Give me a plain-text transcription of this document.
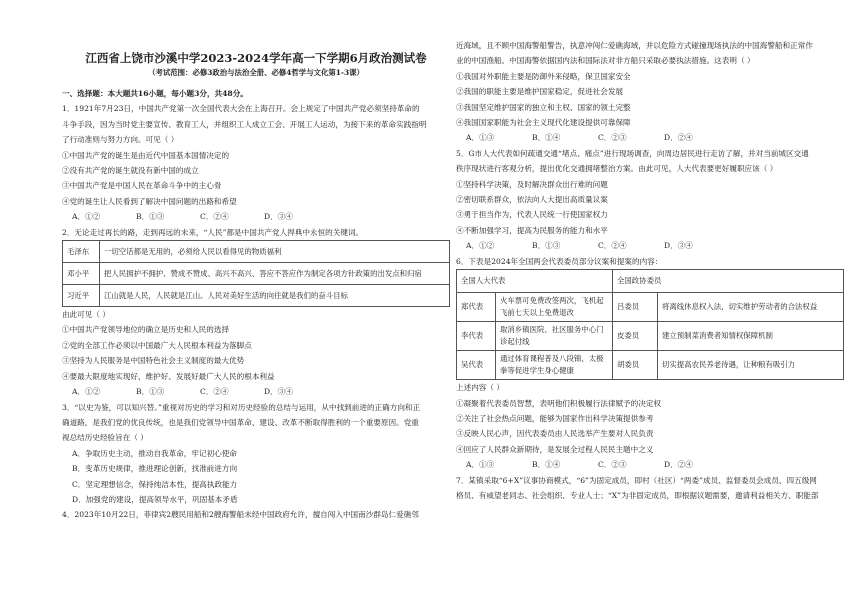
江西省上饶市沙溪中学2023-2024学年高一下学期6月政治测试卷
（考试范围：必修3政治与法治全册、必修4哲学与文化第1-3课）
一、选择题：本大题共16小题，每小题3分，共48分。
1．1921年7月23日，中国共产党第一次全国代表大会在上海召开。会上规定了中国共产党必须坚持革命的
斗争手段，因为当时党主要宣传、教育工人，并组织工人成立工会、开展工人运动，为接下来的革命实践指明
了行动准则与努力方向。可见（ ）
①中国共产党的诞生是由近代中国基本国情决定的
②没有共产党的诞生就没有新中国的成立
③中国共产党是中国人民在革命斗争中的主心骨
④党的诞生让人民看到了解决中国问题的出路和希望
A．①②	B．①③	C．②④	D．③④
2．无论走过再长的路，走到再远的未来，“人民”都是中国共产党人捍典中永恒的关键词。
毛泽东	一切空话都是无用的，必须给人民以看得见的物质福利
邓小平	把人民拥护不拥护、赞成不赞成、高兴不高兴、答应不答应作为制定各项方针政策的出发点和归宿
习近平	江山就是人民，人民就是江山。人民对美好生活的向往就是我们的奋斗目标
由此可见（ ）
①中国共产党领导地位的确立是历史和人民的选择
②党的全部工作必须以中国最广大人民根本利益为落脚点
③坚持为人民服务是中国特色社会主义制度的最大优势
④要最大限度地实现好、维护好、发展好最广大人民的根本利益
A．①②	B．①③	C．②④	D．③④
3．“以史为鉴，可以知兴替。”重视对历史的学习和对历史经验的总结与运用，从中找到前进的正确方向和正
确道路，是我们党的优良传统，也是我们党领导中国革命、建设、改革不断取得胜利的一个重要原因。党重
视总结历史经验旨在（ ）
A．争取历史主动，推动自我革命，牢记初心使命
B．变革历史规律，推进理论创新，找准前进方向
C．坚定理想信念，保持纯洁本性，提高执政能力
D．加强党的建设，提高领导水平，巩固基本矛盾
4．2023年10月22日，菲律宾2艘民用船和2艘海警船未经中国政府允许，擅自闯入中国南沙群岛仁爱礁邻
近海域，且不顾中国海警船警告，执意冲闯仁爱礁海域，并以危险方式碰撞现场执法的中国海警船和正常作
业的中国渔船。中国海警依据国内法和国际法对非方船只采取必要执法措施。这表明（ ）
①我国对外职能主要是防御外来侵略，保卫国家安全
②我国的职能主要是维护国家稳定，促进社会发展
③我国坚定维护国家的独立和主权、国家的领土完整
④我国国家职能为社会主义现代化建设提供可靠保障
A．①③	B．①④	C．②③	D．②④
5．G市人大代表如何疏通交通“堵点、痛点”进行现场调查，向周边居民进行走访了解，并对当前城区交通
秩序现状进行客观分析，提出优化交通拥堵整治方案。由此可见，人大代表要更好履职应该（ ）
①坚持科学决策，及时解决群众出行难的问题
②密切联系群众，依法向人大提出高质量议案
③勇于担当作为，代表人民统一行使国家权力
④不断加强学习，提高为民服务的能力和水平
A．①②	B．①③	C．②④	D．③④
6．下表是2024年全国两会代表委员部分议案和提案的内容：
全国人大代表		全国政协委员	
郑代表	火车票可免费改签两次，飞机起飞前七天以上免费退改	吕委员	将离线休息权入法，切实维护劳动者的合法权益
李代表	取消乡镇医院、社区服务中心门诊起付线	皮委员	建立预制菜消费者知情权保障机制
吴代表	通过体育课程普及八段锦、太极拳等促进学生身心健康	胡委员	切实提高农民养老待遇，让种粮有吸引力
上述内容（ ）
①凝聚着代表委员智慧，表明他们积极履行法律赋予的决定权
②关注了社会热点问题，能够为国家作出科学决策提供参考
③反映人民心声，因代表委员由人民选举产生要对人民负责
④回应了人民群众新期待，是发展全过程人民民主题中之义
A．①③	B．①④	C．②③	D．②④
7．某镇采取“6+X”议事协商模式，“6”为固定成员，即村（社区）“两委”成员、监督委员会成员、四五级网
格员、有威望老同志、社会组织、专业人士；“X”为非固定成员，即根据议题需要，邀请利益相关方、职能部
